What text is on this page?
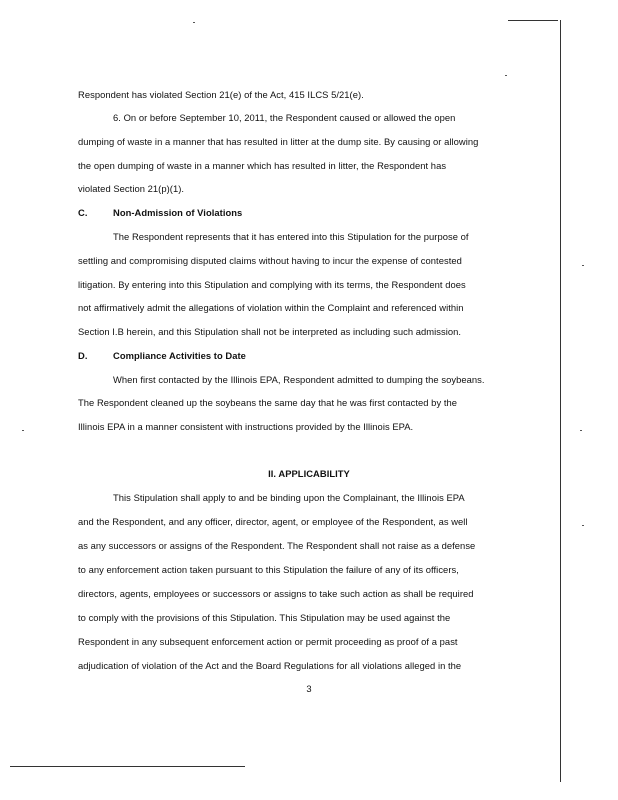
Respondent has violated Section 21(e) of the Act, 415 ILCS 5/21(e).
6. On or before September 10, 2011, the Respondent caused or allowed the open
dumping of waste in a manner that has resulted in litter at the dump site. By causing or allowing
the open dumping of waste in a manner which has resulted in litter, the Respondent has
violated Section 21(p)(1).
C.	Non-Admission of Violations
The Respondent represents that it has entered into this Stipulation for the purpose of
settling and compromising disputed claims without having to incur the expense of contested
litigation. By entering into this Stipulation and complying with its terms, the Respondent does
not affirmatively admit the allegations of violation within the Complaint and referenced within
Section I.B herein, and this Stipulation shall not be interpreted as including such admission.
D.	Compliance Activities to Date
When first contacted by the Illinois EPA, Respondent admitted to dumping the soybeans.
The Respondent cleaned up the soybeans the same day that he was first contacted by the
Illinois EPA in a manner consistent with instructions provided by the Illinois EPA.
II. APPLICABILITY
This Stipulation shall apply to and be binding upon the Complainant, the Illinois EPA
and the Respondent, and any officer, director, agent, or employee of the Respondent, as well
as any successors or assigns of the Respondent. The Respondent shall not raise as a defense
to any enforcement action taken pursuant to this Stipulation the failure of any of its officers,
directors, agents, employees or successors or assigns to take such action as shall be required
to comply with the provisions of this Stipulation. This Stipulation may be used against the
Respondent in any subsequent enforcement action or permit proceeding as proof of a past
adjudication of violation of the Act and the Board Regulations for all violations alleged in the
3
